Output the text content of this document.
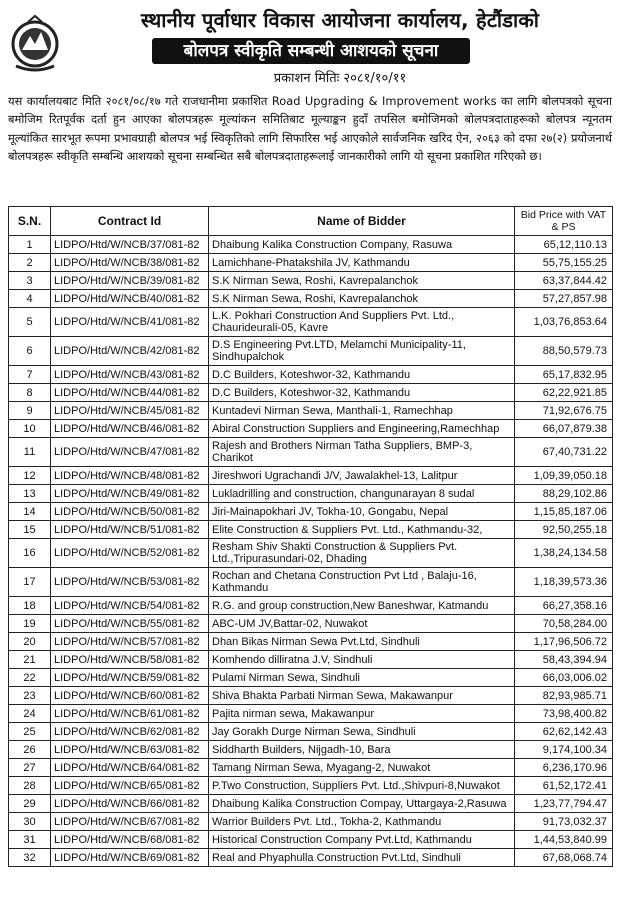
स्थानीय पूर्वाधार विकास आयोजना कार्यालय, हेटौंडाको
बोलपत्र स्वीकृति सम्बन्धी आशयको सूचना
प्रकाशन मितिः २०८१/१०/११
यस कार्यालयबाट मिति २०८१/०८/१७ गते राजधानीमा प्रकाशित Road Upgrading & Improvement works का लागि बोलपत्रको सूचना बमोजिम रितपूर्वक दर्ता हुन आएका बोलपत्रहरू मूल्यांकन समितिबाट मूल्याङ्कन हुदाँ तपसिल बमोजिमको बोलपत्रदाताहरूको बोलपत्र न्यूनतम मूल्यांकित सारभूत रूपमा प्रभावग्राही बोलपत्र भई स्विकृतिको लागि सिफारिस भई आएकोले सार्वजनिक खरिद ऐन, २०६३ को दफा २७(२) प्रयोजनार्थ बोलपत्रहरू स्वीकृति सम्बन्धि आशयको सूचना सम्बन्धित सबै बोलपत्रदाताहरूलाई जानकारीको लागि यो सूचना प्रकाशित गरिएको छ।
S.N.	Contract Id	Name of Bidder	Bid Price with VAT & PS
1	LIDPO/Htd/W/NCB/37/081-82	Dhaibung Kalika Construction Company, Rasuwa	65,12,110.13
2	LIDPO/Htd/W/NCB/38/081-82	Lamichhane-Phatakshila JV, Kathmandu	55,75,155.25
3	LIDPO/Htd/W/NCB/39/081-82	S.K Nirman Sewa, Roshi, Kavrepalanchok	63,37,844.42
4	LIDPO/Htd/W/NCB/40/081-82	S.K Nirman Sewa, Roshi, Kavrepalanchok	57,27,857.98
5	LIDPO/Htd/W/NCB/41/081-82	L.K. Pokhari Construction And Suppliers Pvt. Ltd., Chaurideurali-05, Kavre	1,03,76,853.64
6	LIDPO/Htd/W/NCB/42/081-82	D.S Engineering Pvt.LTD, Melamchi Municipality-11, Sindhupalchok	88,50,579.73
7	LIDPO/Htd/W/NCB/43/081-82	D.C Builders, Koteshwor-32, Kathmandu	65,17,832.95
8	LIDPO/Htd/W/NCB/44/081-82	D.C Builders, Koteshwor-32, Kathmandu	62,22,921.85
9	LIDPO/Htd/W/NCB/45/081-82	Kuntadevi Nirman Sewa, Manthali-1, Ramechhap	71,92,676.75
10	LIDPO/Htd/W/NCB/46/081-82	Abiral Construction Suppliers and Engineering,Ramechhap	66,07,879.38
11	LIDPO/Htd/W/NCB/47/081-82	Rajesh and Brothers Nirman Tatha Suppliers, BMP-3, Charikot	67,40,731.22
12	LIDPO/Htd/W/NCB/48/081-82	Jireshwori Ugrachandi J/V, Jawalakhel-13, Lalitpur	1,09,39,050.18
13	LIDPO/Htd/W/NCB/49/081-82	Lukladrilling and construction, changunarayan 8 sudal	88,29,102.86
14	LIDPO/Htd/W/NCB/50/081-82	Jiri-Mainapokhari JV, Tokha-10, Gongabu, Nepal	1,15,85,187.06
15	LIDPO/Htd/W/NCB/51/081-82	Elite Construction & Suppliers Pvt. Ltd., Kathmandu-32,	92,50,255.18
16	LIDPO/Htd/W/NCB/52/081-82	Resham Shiv Shakti Construction & Suppliers Pvt. Ltd.,Tripurasundari-02, Dhading	1,38,24,134.58
17	LIDPO/Htd/W/NCB/53/081-82	Rochan and Chetana Construction Pvt Ltd , Balaju-16, Kathmandu	1,18,39,573.36
18	LIDPO/Htd/W/NCB/54/081-82	R.G. and group construction,New Baneshwar, Katmandu	66,27,358.16
19	LIDPO/Htd/W/NCB/55/081-82	ABC-UM JV,Battar-02, Nuwakot	70,58,284.00
20	LIDPO/Htd/W/NCB/57/081-82	Dhan Bikas Nirman Sewa Pvt.Ltd, Sindhuli	1,17,96,506.72
21	LIDPO/Htd/W/NCB/58/081-82	Komhendo dilliratna J.V, Sindhuli	58,43,394.94
22	LIDPO/Htd/W/NCB/59/081-82	Pulami Nirman Sewa, Sindhuli	66,03,006.02
23	LIDPO/Htd/W/NCB/60/081-82	Shiva Bhakta Parbati Nirman Sewa, Makawanpur	82,93,985.71
24	LIDPO/Htd/W/NCB/61/081-82	Pajita nirman sewa, Makawanpur	73,98,400.82
25	LIDPO/Htd/W/NCB/62/081-82	Jay Gorakh Durge Nirman Sewa, Sindhuli	62,62,142.43
26	LIDPO/Htd/W/NCB/63/081-82	Siddharth Builders, Nijgadh-10, Bara	9,174,100.34
27	LIDPO/Htd/W/NCB/64/081-82	Tamang Nirman Sewa, Myagang-2, Nuwakot	6,236,170.96
28	LIDPO/Htd/W/NCB/65/081-82	P.Two Construction, Suppliers Pvt. Ltd.,Shivpuri-8,Nuwakot	61,52,172.41
29	LIDPO/Htd/W/NCB/66/081-82	Dhaibung Kalika Construction Compay, Uttargaya-2,Rasuwa	1,23,77,794.47
30	LIDPO/Htd/W/NCB/67/081-82	Warrior Builders Pvt. Ltd., Tokha-2, Kathmandu	91,73,032.37
31	LIDPO/Htd/W/NCB/68/081-82	Historical Construction Company Pvt.Ltd, Kathmandu	1,44,53,840.99
32	LIDPO/Htd/W/NCB/69/081-82	Real and Phyaphulla Construction Pvt.Ltd, Sindhuli	67,68,068.74
